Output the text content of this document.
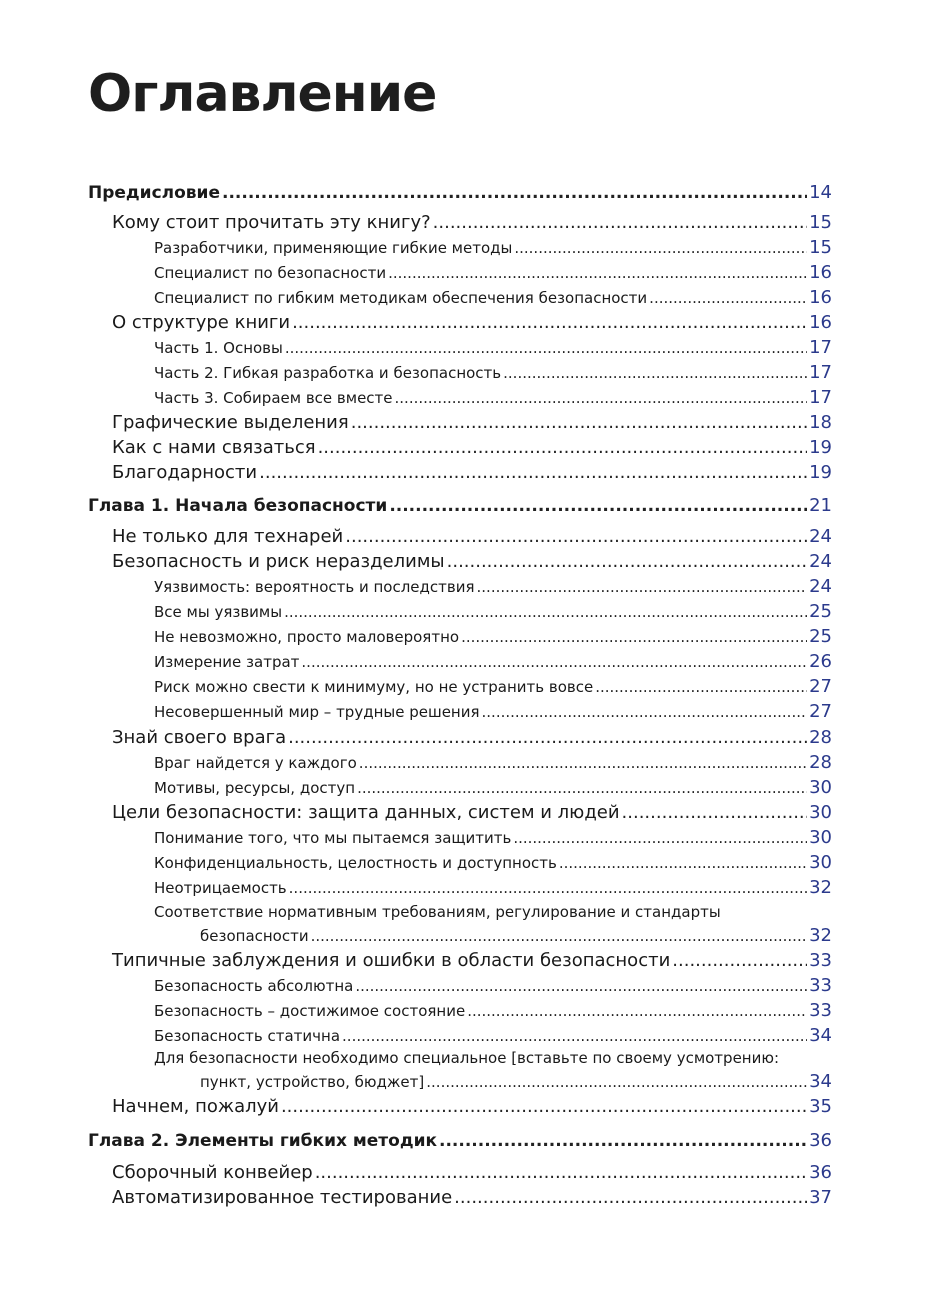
Оглавление
Предисловие .....	14
Кому стоит прочитать эту книгу? .....	15
Разработчики, применяющие гибкие методы .....	15
Специалист по безопасности .....	16
Специалист по гибким методикам обеспечения безопасности .....	16
О структуре книги .....	16
Часть 1. Основы .....	17
Часть 2. Гибкая разработка и безопасность .....	17
Часть 3. Собираем все вместе .....	17
Графические выделения .....	18
Как с нами связаться .....	19
Благодарности .....	19
Глава 1. Начала безопасности .....	21
Не только для технарей .....	24
Безопасность и риск неразделимы .....	24
Уязвимость: вероятность и последствия .....	24
Все мы уязвимы .....	25
Не невозможно, просто маловероятно .....	25
Измерение затрат .....	26
Риск можно свести к минимуму, но не устранить вовсе .....	27
Несовершенный мир – трудные решения .....	27
Знай своего врага .....	28
Враг найдется у каждого .....	28
Мотивы, ресурсы, доступ .....	30
Цели безопасности: защита данных, систем и людей .....	30
Понимание того, что мы пытаемся защитить .....	30
Конфиденциальность, целостность и доступность .....	30
Неотрицаемость .....	32
Соответствие нормативным требованиям, регулирование и стандарты
безопасности .....	32
Типичные заблуждения и ошибки в области безопасности .....	33
Безопасность абсолютна .....	33
Безопасность – достижимое состояние .....	33
Безопасность статична .....	34
Для безопасности необходимо специальное [вставьте по своему усмотрению:
пункт, устройство, бюджет] .....	34
Начнем, пожалуй .....	35
Глава 2. Элементы гибких методик .....	36
Сборочный конвейер .....	36
Автоматизированное тестирование .....	37
